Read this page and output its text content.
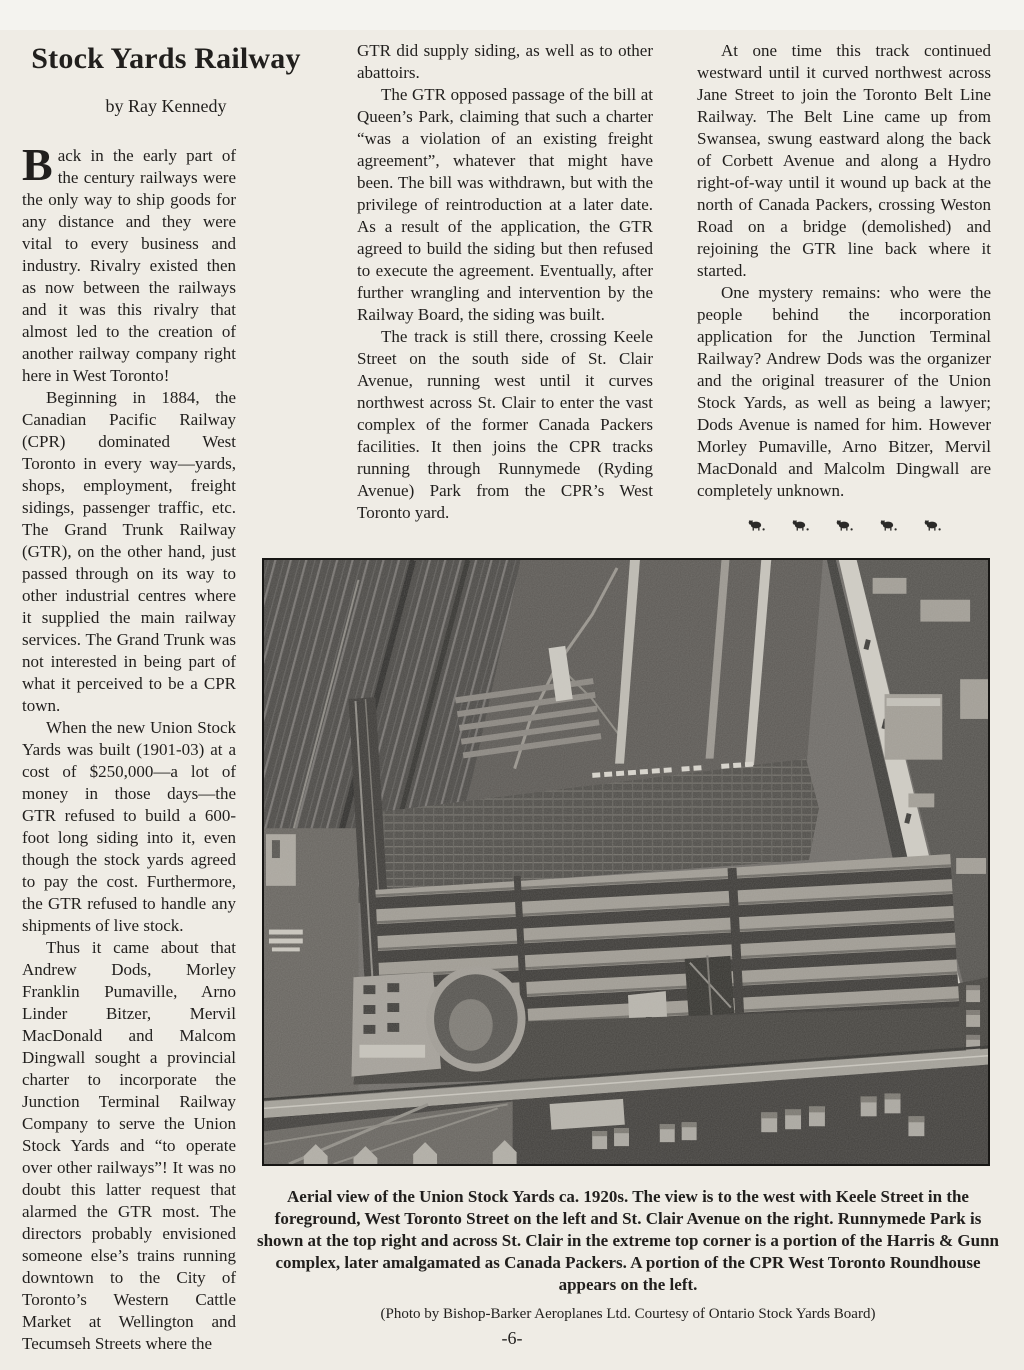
Stock Yards Railway
by Ray Kennedy

Back in the early part of the century railways were the only way to ship goods for any distance and they were vital to every business and industry. Rivalry existed then as now between the railways and it was this rivalry that almost led to the creation of another railway company right here in West Toronto!

Beginning in 1884, the Canadian Pacific Railway (CPR) dominated West Toronto in every way—yards, shops, employment, freight sidings, passenger traffic, etc. The Grand Trunk Railway (GTR), on the other hand, just passed through on its way to other industrial centres where it supplied the main railway services. The Grand Trunk was not interested in being part of what it perceived to be a CPR town.

When the new Union Stock Yards was built (1901-03) at a cost of $250,000—a lot of money in those days—the GTR refused to build a 600-foot long siding into it, even though the stock yards agreed to pay the cost. Furthermore, the GTR refused to handle any shipments of live stock.

Thus it came about that Andrew Dods, Morley Franklin Pumaville, Arno Linder Bitzer, Mervil MacDonald and Malcom Dingwall sought a provincial charter to incorporate the Junction Terminal Railway Company to serve the Union Stock Yards and “to operate over other railways”! It was no doubt this latter request that alarmed the GTR most. The directors probably envisioned someone else’s trains running downtown to the City of Toronto’s Western Cattle Market at Wellington and Tecumseh Streets where the

GTR did supply siding, as well as to other abattoirs.

The GTR opposed passage of the bill at Queen’s Park, claiming that such a charter “was a violation of an existing freight agreement”, whatever that might have been. The bill was withdrawn, but with the privilege of reintroduction at a later date. As a result of the application, the GTR agreed to build the siding but then refused to execute the agreement. Eventually, after further wrangling and intervention by the Railway Board, the siding was built.

The track is still there, crossing Keele Street on the south side of St. Clair Avenue, running west until it curves northwest across St. Clair to enter the vast complex of the former Canada Packers facilities. It then joins the CPR tracks running through Runnymede (Ryding Avenue) Park from the CPR’s West Toronto yard.

At one time this track continued westward until it curved northwest across Jane Street to join the Toronto Belt Line Railway. The Belt Line came up from Swansea, swung eastward along the back of Corbett Avenue and along a Hydro right-of-way until it wound up back at the north of Canada Packers, crossing Weston Road on a bridge (demolished) and rejoining the GTR line back where it started.

One mystery remains: who were the people behind the incorporation application for the Junction Terminal Railway? Andrew Dods was the organizer and the original treasurer of the Union Stock Yards, as well as being a lawyer; Dods Avenue is named for him. However Morley Pumaville, Arno Bitzer, Mervil MacDonald and Malcolm Dingwall are completely unknown.

Aerial view of the Union Stock Yards ca. 1920s. The view is to the west with Keele Street in the foreground, West Toronto Street on the left and St. Clair Avenue on the right. Runnymede Park is shown at the top right and across St. Clair in the extreme top corner is a portion of the Harris & Gunn complex, later amalgamated as Canada Packers. A portion of the CPR West Toronto Roundhouse appears on the left.
(Photo by Bishop-Barker Aeroplanes Ltd. Courtesy of Ontario Stock Yards Board)
-6-
